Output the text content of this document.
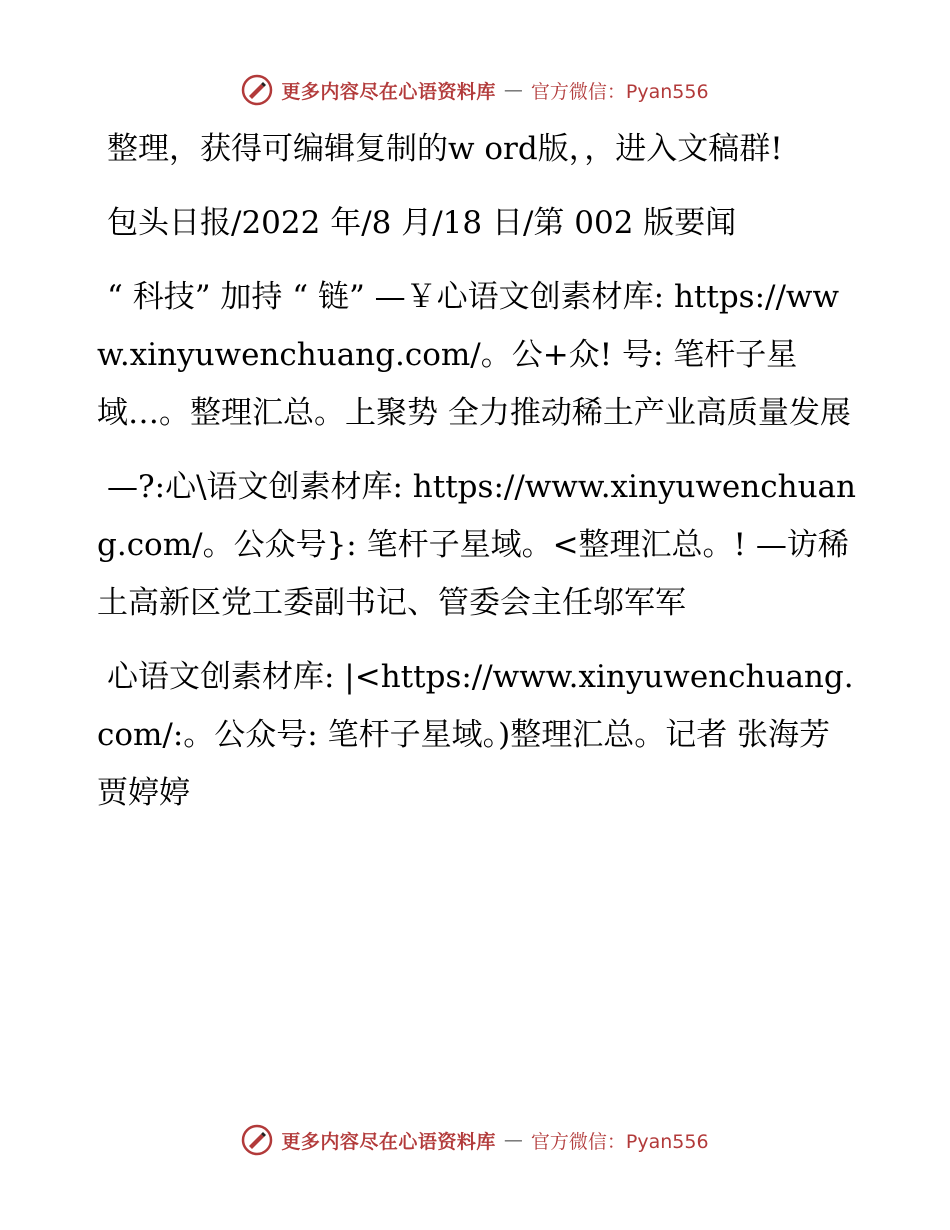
更多内容尽在心语资料库 — 官方微信：Pyan556

整理，获得可编辑复制的w ord版，，进入文稿群!

包头日报/2022 年/8 月/18 日/第 002 版要闻

“ 科技” 加持 “ 链” —￥心语文创素材库: https://www.xinyuwenchuang.com/。公+众! 号: 笔杆子星域…。整理汇总。上聚势 全力推动稀土产业高质量发展

—?:心\语文创素材库: https://www.xinyuwenchuang.com/。公众号}: 笔杆子星域。<整理汇总。! —访稀土高新区党工委副书记、管委会主任邬军军

心语文创素材库: |<https://www.xinyuwenchuang.com/:。公众号: 笔杆子星域。)整理汇总。记者 张海芳 贾婷婷

更多内容尽在心语资料库 — 官方微信：Pyan556
